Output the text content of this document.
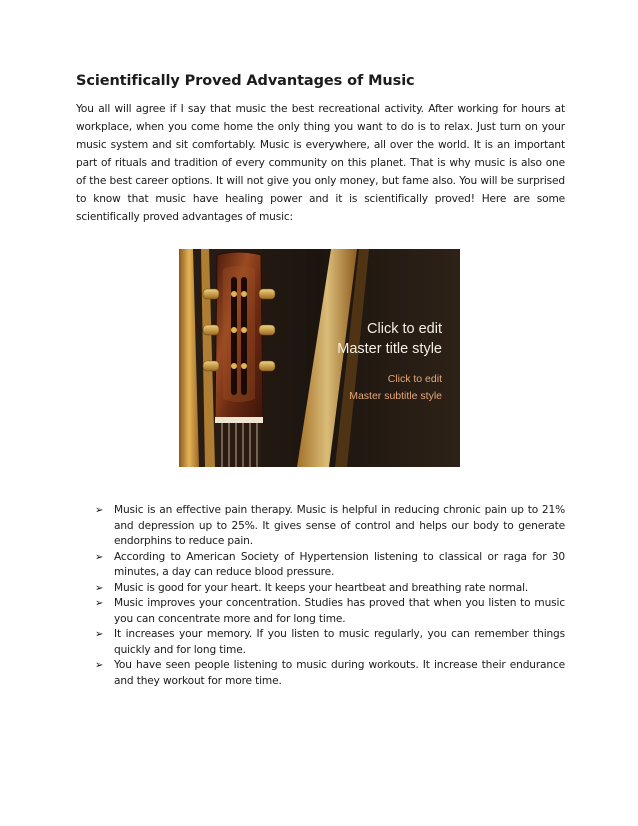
Scientifically Proved Advantages of Music
You all will agree if I say that music the best recreational activity. After working for hours at workplace, when you come home the only thing you want to do is to relax. Just turn on your music system and sit comfortably. Music is everywhere, all over the world. It is an important part of rituals and tradition of every community on this planet. That is why music is also one of the best career options. It will not give you only money, but fame also. You will be surprised to know that music have healing power and it is scientifically proved! Here are some scientifically proved advantages of music:
Click to edit
Master title style
Click to edit
Master subtitle style
➢ Music is an effective pain therapy. Music is helpful in reducing chronic pain up to 21% and depression up to 25%. It gives sense of control and helps our body to generate endorphins to reduce pain.
➢ According to American Society of Hypertension listening to classical or raga for 30 minutes, a day can reduce blood pressure.
➢ Music is good for your heart. It keeps your heartbeat and breathing rate normal.
➢ Music improves your concentration. Studies has proved that when you listen to music you can concentrate more and for long time.
➢ It increases your memory. If you listen to music regularly, you can remember things quickly and for long time.
➢ You have seen people listening to music during workouts. It increase their endurance and they workout for more time.
